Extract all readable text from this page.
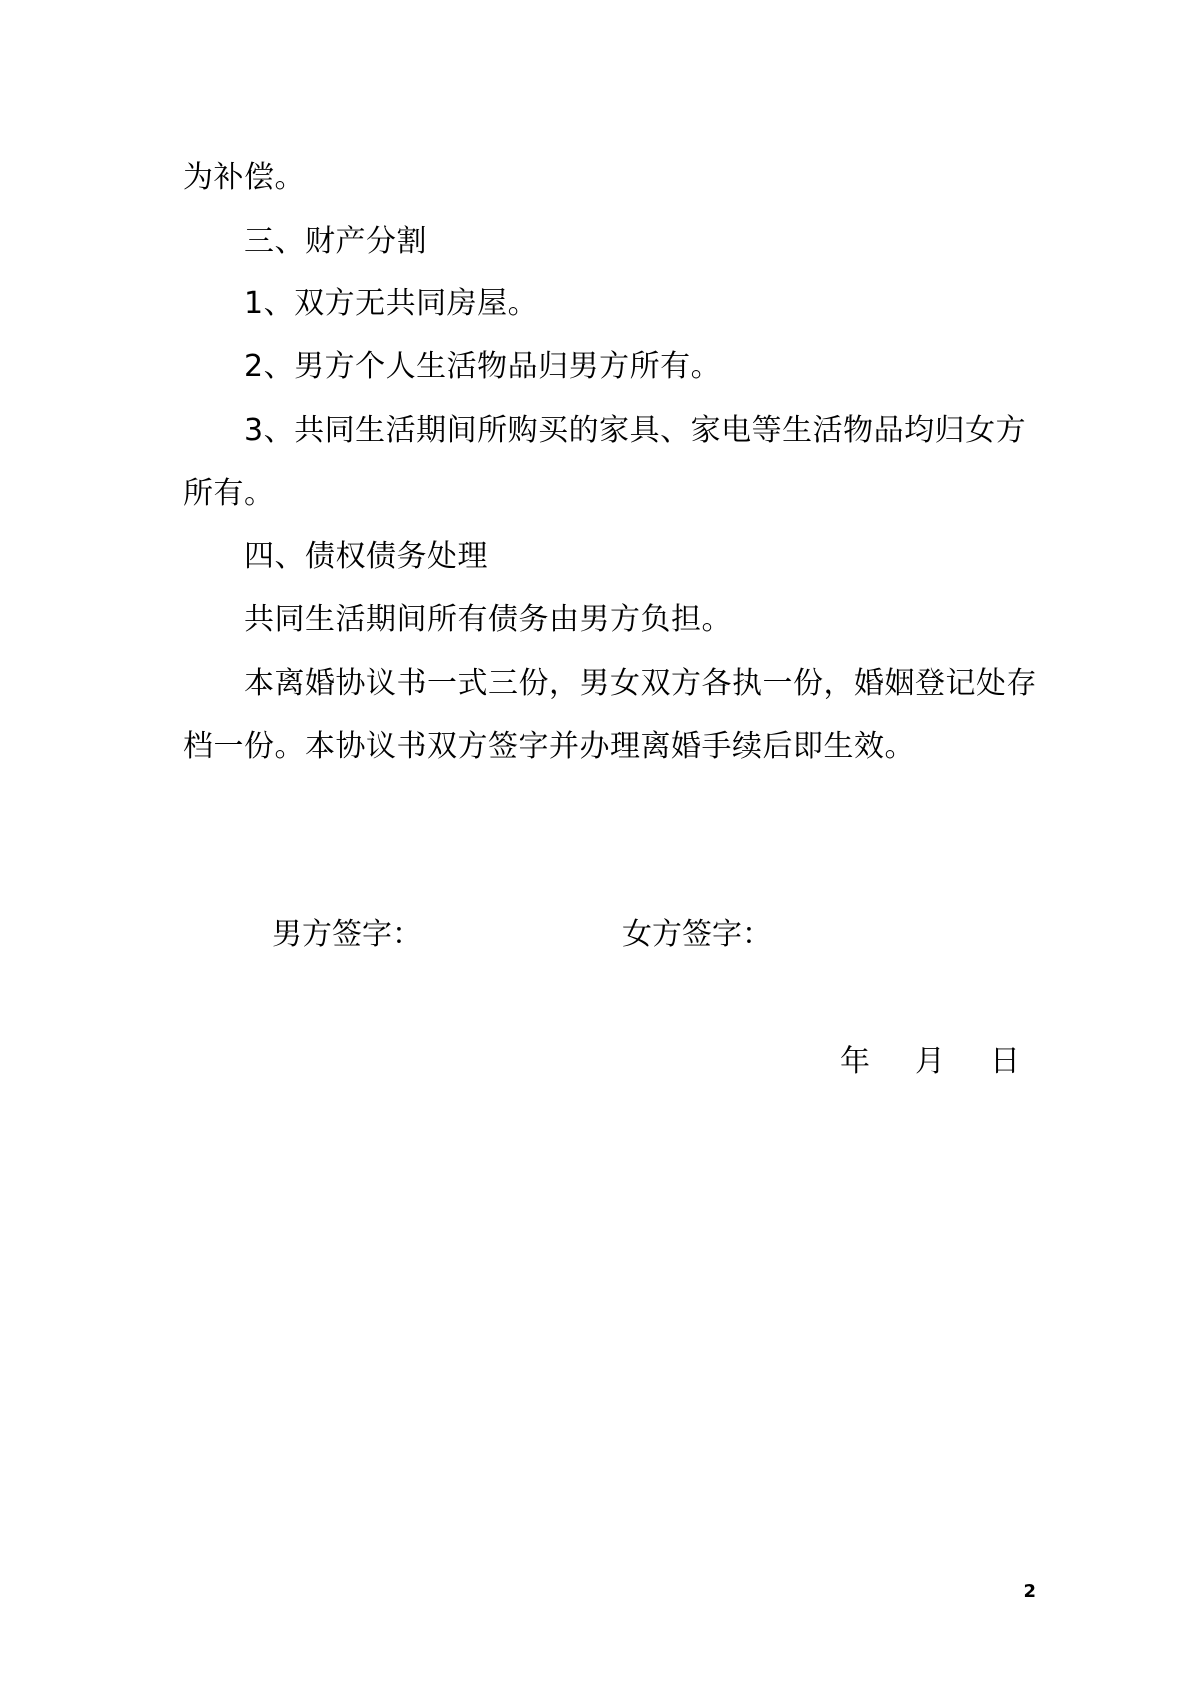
为补偿。
三、财产分割
1、双方无共同房屋。
2、男方个人生活物品归男方所有。
3、共同生活期间所购买的家具、家电等生活物品均归女方
所有。
四、债权债务处理
共同生活期间所有债务由男方负担。
本离婚协议书一式三份，男女双方各执一份，婚姻登记处存
档一份。本协议书双方签字并办理离婚手续后即生效。
男方签字：	女方签字：
年 月 日
2
